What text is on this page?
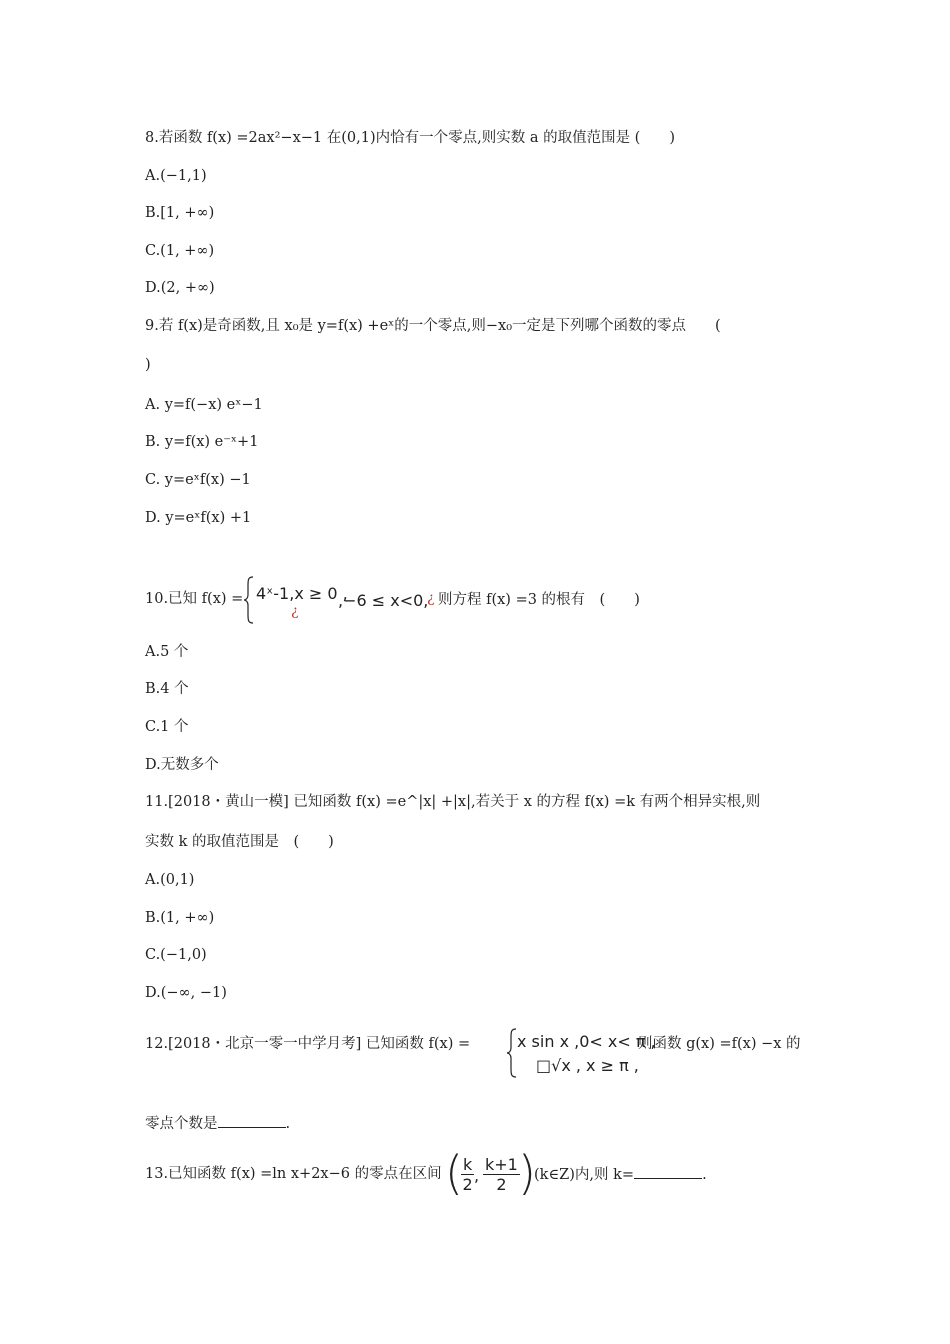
8.若函数 f(x) =2ax²−x−1 在(0,1)内恰有一个零点,则实数 a 的取值范围是 (　　)
A.(−1,1)
B.[1, +∞)
C.(1, +∞)
D.(2, +∞)
9.若 f(x)是奇函数,且 x₀是 y=f(x) +eˣ的一个零点,则−x₀一定是下列哪个函数的零点　　(
)
A. y=f(−x) eˣ−1
B. y=f(x) e⁻ˣ+1
C. y=eˣf(x) −1
D. y=eˣf(x) +1
10.已知 f(x) = 4ˣ-1,x ≥ 0 ,
¿
,−6 ≤ x<0,
¿ 则方程 f(x) =3 的根有　(　　)
A.5 个
B.4 个
C.1 个
D.无数多个
11.[2018・黄山一模] 已知函数 f(x) =e^|x| +|x|,若关于 x 的方程 f(x) =k 有两个相异实根,则
实数 k 的取值范围是　(　　)
A.(0,1)
B.(1, +∞)
C.(−1,0)
D.(−∞, −1)
12.[2018・北京一零一中学月考] 已知函数 f(x) =	x sin x ,0< x< π ,
□√x , x ≥ π ,
则函数 g(x) =f(x) −x 的
零点个数是	.
13.已知函数 f(x) =ln x+2x−6 的零点在区间 (
$\frac{k}{2}$ , $\frac{k+1}{2}$
)
(k∈Z)内,则 k=	.
